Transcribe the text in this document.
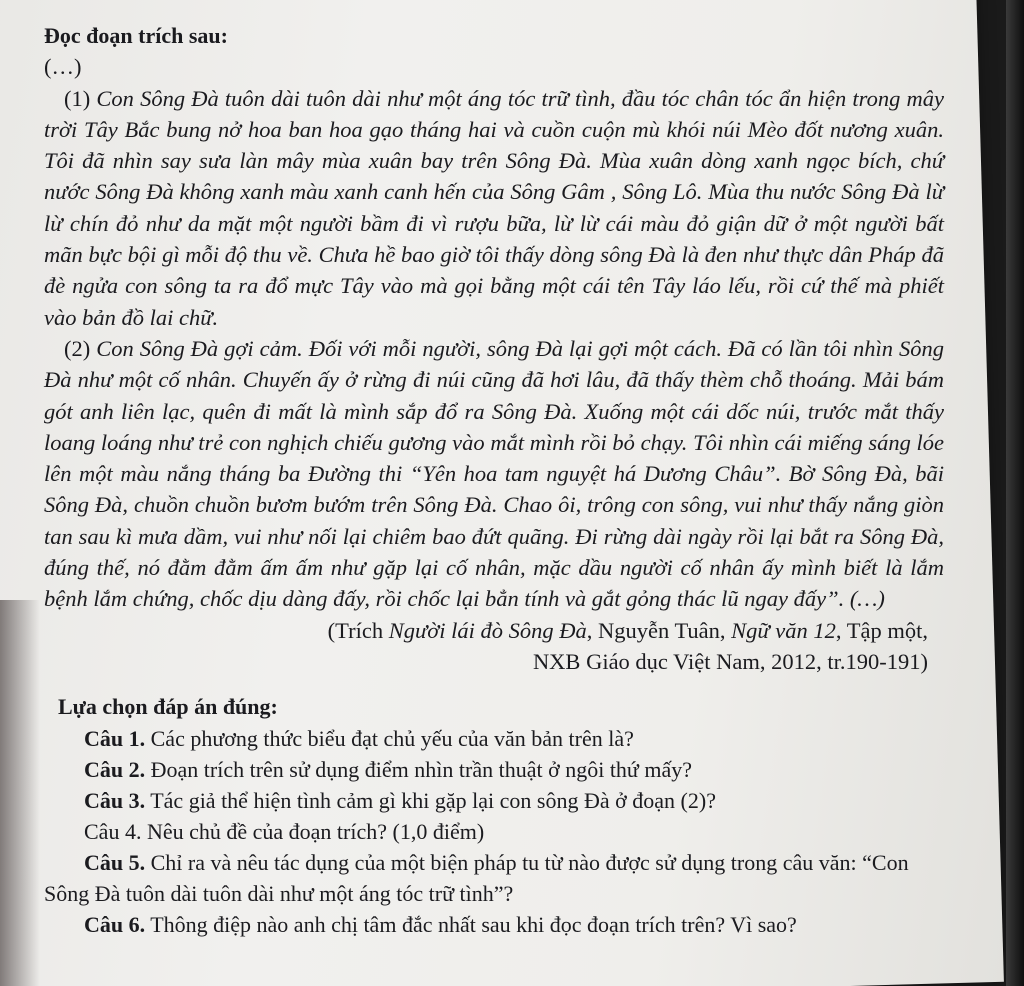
Đọc đoạn trích sau:

(…)

(1) Con Sông Đà tuôn dài tuôn dài như một áng tóc trữ tình, đầu tóc chân tóc ẩn hiện trong mây trời Tây Bắc bung nở hoa ban hoa gạo tháng hai và cuồn cuộn mù khói núi Mèo đốt nương xuân. Tôi đã nhìn say sưa làn mây mùa xuân bay trên Sông Đà. Mùa xuân dòng xanh ngọc bích, chứ nước Sông Đà không xanh màu xanh canh hến của Sông Gâm , Sông Lô. Mùa thu nước Sông Đà lừ lừ chín đỏ như da mặt một người bầm đi vì rượu bữa, lừ lừ cái màu đỏ giận dữ ở một người bất mãn bực bội gì mỗi độ thu về. Chưa hề bao giờ tôi thấy dòng sông Đà là đen như thực dân Pháp đã đè ngửa con sông ta ra đổ mực Tây vào mà gọi bằng một cái tên Tây láo lếu, rồi cứ thế mà phiết vào bản đồ lai chữ.

(2) Con Sông Đà gợi cảm. Đối với mỗi người, sông Đà lại gợi một cách. Đã có lần tôi nhìn Sông Đà như một cố nhân. Chuyến ấy ở rừng đi núi cũng đã hơi lâu, đã thấy thèm chỗ thoáng. Mải bám gót anh liên lạc, quên đi mất là mình sắp đổ ra Sông Đà. Xuống một cái dốc núi, trước mắt thấy loang loáng như trẻ con nghịch chiếu gương vào mắt mình rồi bỏ chạy. Tôi nhìn cái miếng sáng lóe lên một màu nắng tháng ba Đường thi “Yên hoa tam nguyệt há Dương Châu”. Bờ Sông Đà, bãi Sông Đà, chuồn chuồn bươm bướm trên Sông Đà. Chao ôi, trông con sông, vui như thấy nắng giòn tan sau kì mưa dầm, vui như nối lại chiêm bao đứt quãng. Đi rừng dài ngày rồi lại bắt ra Sông Đà, đúng thế, nó đằm đằm ấm ấm như gặp lại cố nhân, mặc dầu người cố nhân ấy mình biết là lắm bệnh lắm chứng, chốc dịu dàng đấy, rồi chốc lại bẳn tính và gắt gỏng thác lũ ngay đấy”. (…)

(Trích Người lái đò Sông Đà, Nguyễn Tuân, Ngữ văn 12, Tập một,

NXB Giáo dục Việt Nam, 2012, tr.190-191)

Lựa chọn đáp án đúng:

Câu 1. Các phương thức biểu đạt chủ yếu của văn bản trên là?

Câu 2. Đoạn trích trên sử dụng điểm nhìn trần thuật ở ngôi thứ mấy?

Câu 3. Tác giả thể hiện tình cảm gì khi gặp lại con sông Đà ở đoạn (2)?

Câu 4. Nêu chủ đề của đoạn trích? (1,0 điểm)

Câu 5. Chỉ ra và nêu tác dụng của một biện pháp tu từ nào được sử dụng trong câu văn: “Con Sông Đà tuôn dài tuôn dài như một áng tóc trữ tình”?

Câu 6. Thông điệp nào anh chị tâm đắc nhất sau khi đọc đoạn trích trên? Vì sao?
